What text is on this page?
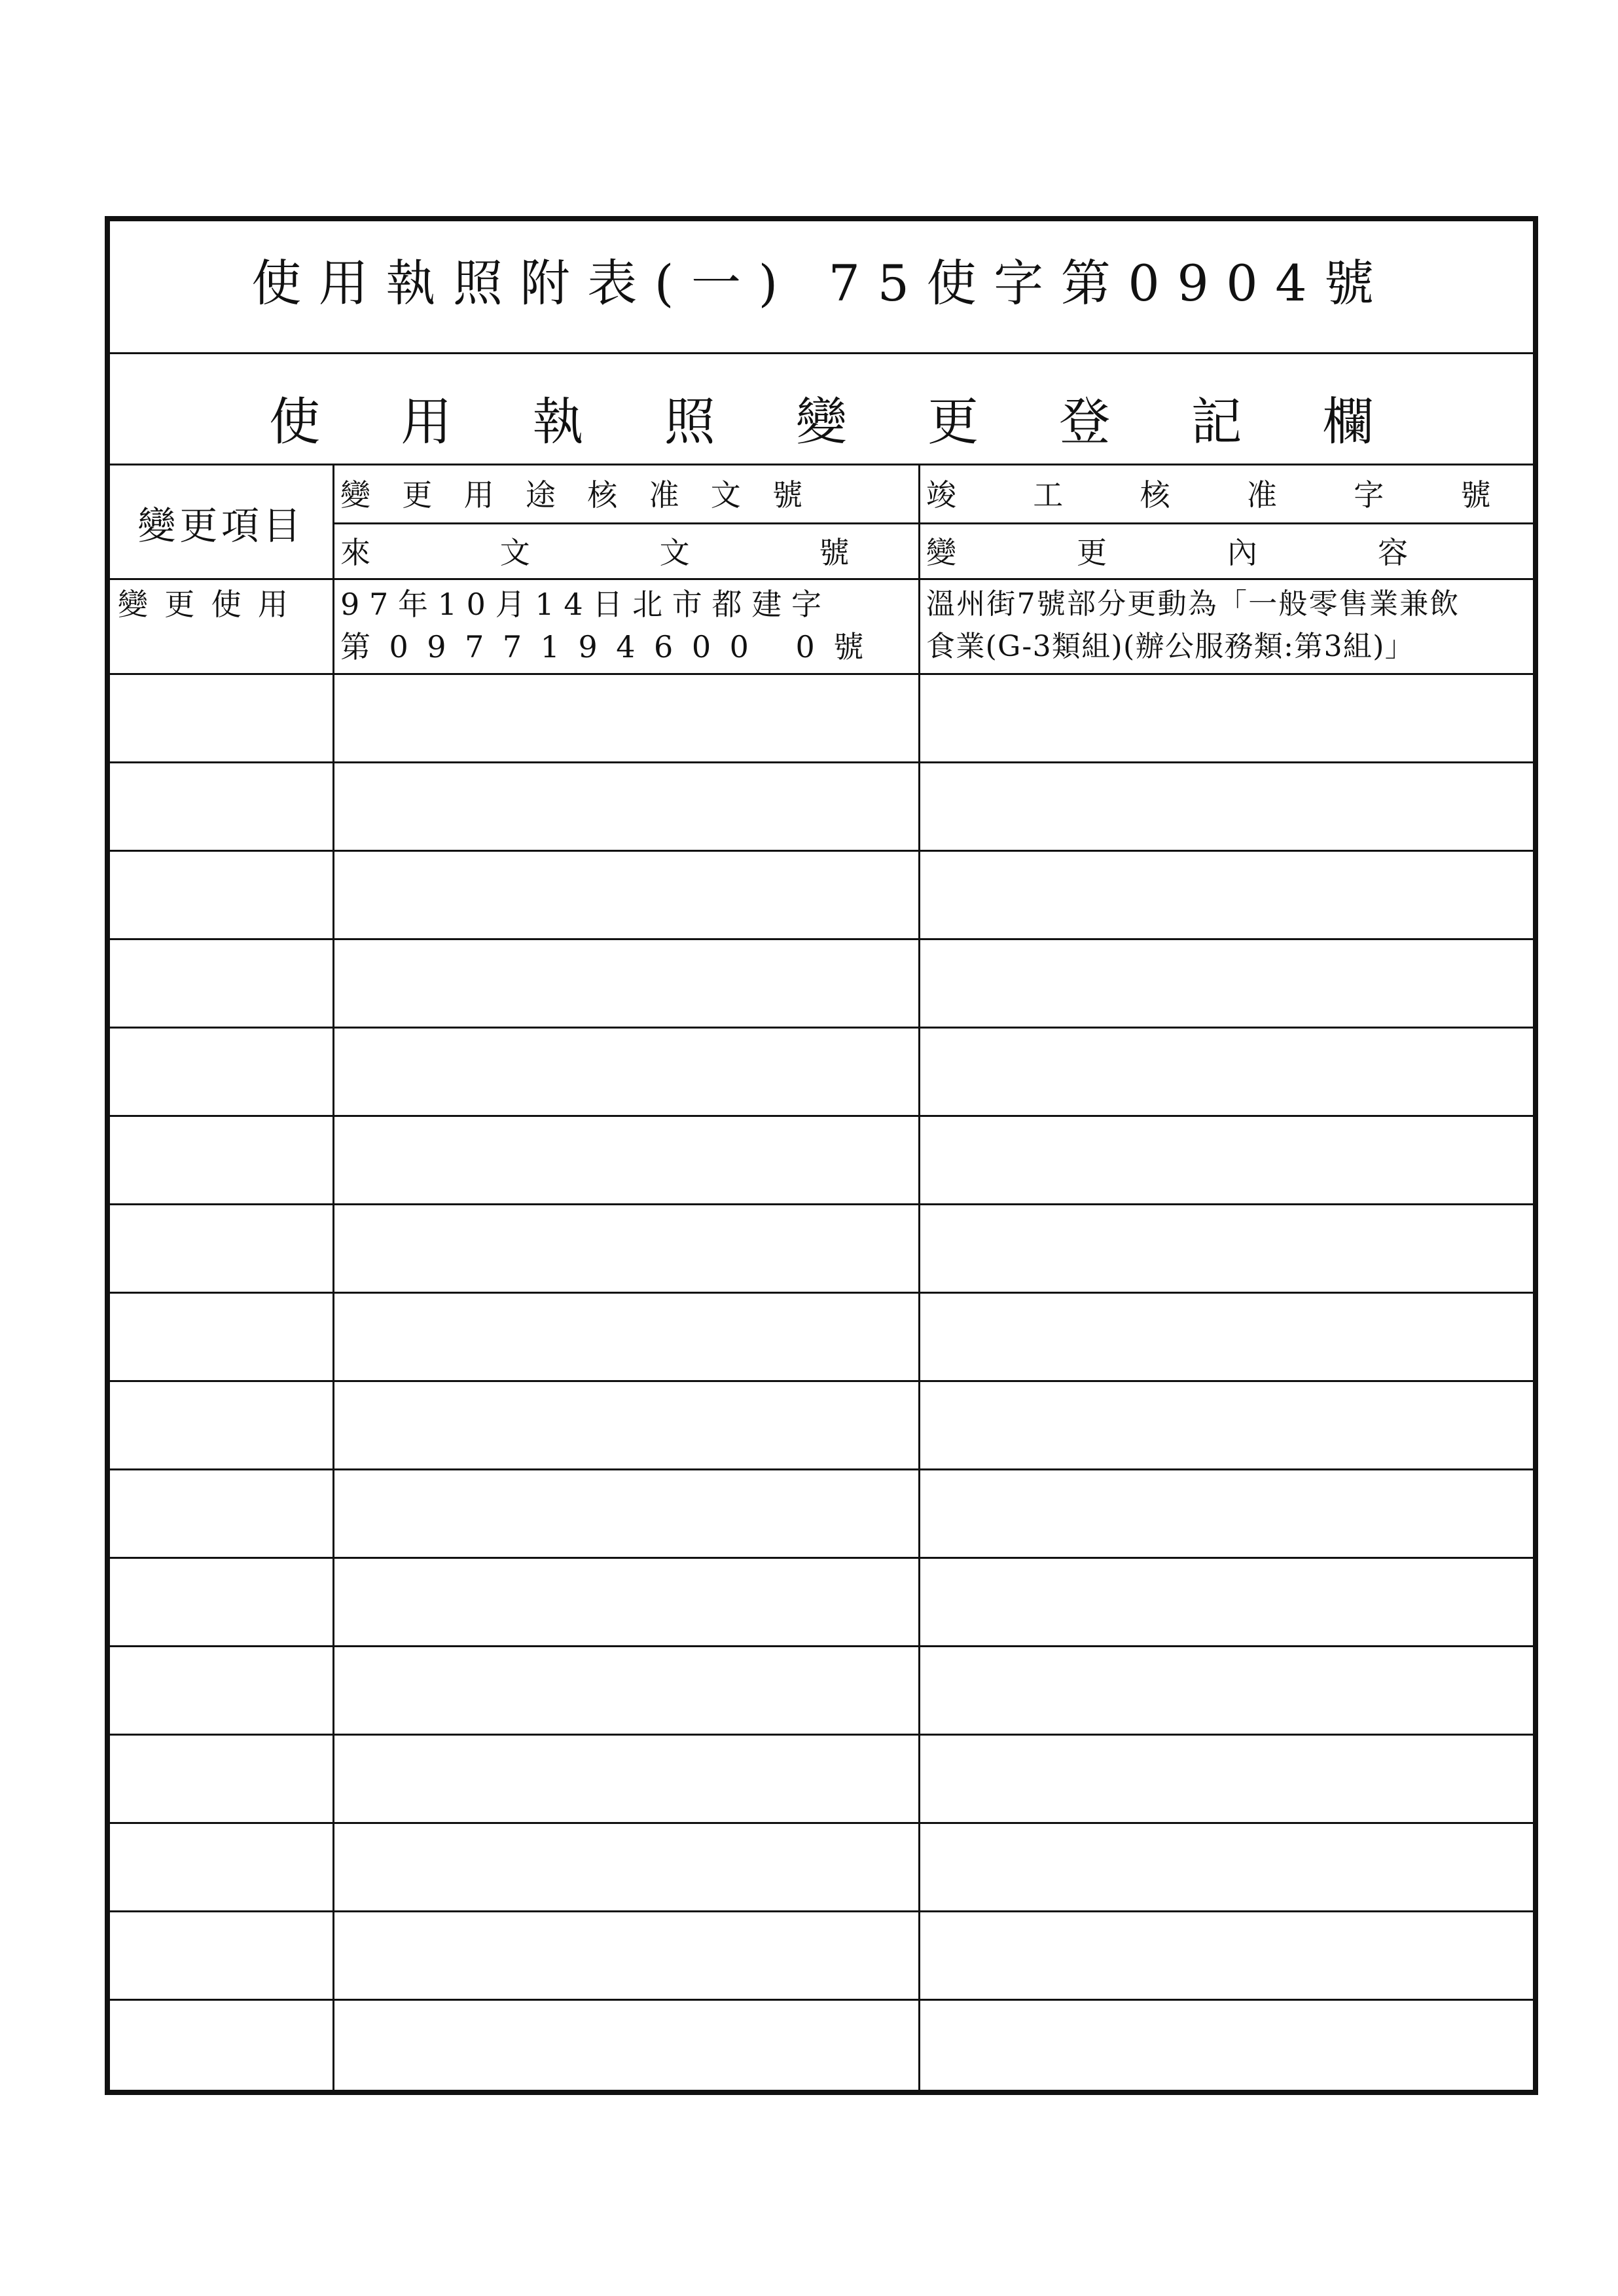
使用執照附表(一) 75使字第0904號
使 用 執 照 變 更 登 記 欄
變更項目
變更用途核准文號	竣工核准字號
來文文號
變更內容
變更使用	97年10月14日北市都建字
第0977194600 0號
溫州街7號部分更動為「一般零售業兼飲
食業(G-3類組)(辦公服務類:第3組)」
